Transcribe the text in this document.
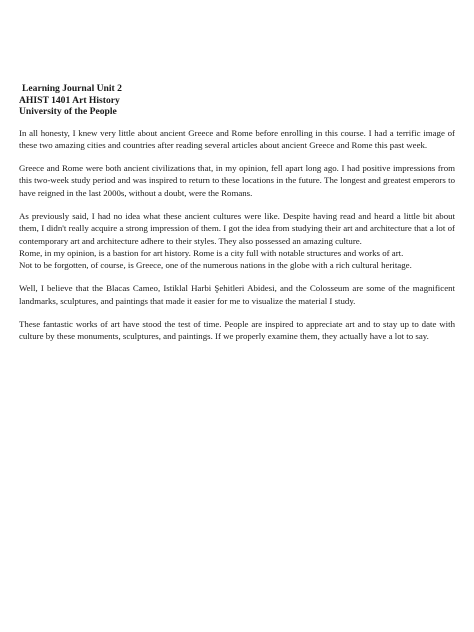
Learning Journal Unit 2

AHIST 1401 Art History

University of the People

In all honesty, I knew very little about ancient Greece and Rome before enrolling in this course. I had a terrific image of these two amazing cities and countries after reading several articles about ancient Greece and Rome this past week.

Greece and Rome were both ancient civilizations that, in my opinion, fell apart long ago. I had positive impressions from this two-week study period and was inspired to return to these locations in the future. The longest and greatest emperors to have reigned in the last 2000s, without a doubt, were the Romans.

As previously said, I had no idea what these ancient cultures were like. Despite having read and heard a little bit about them, I didn't really acquire a strong impression of them. I got the idea from studying their art and architecture that a lot of contemporary art and architecture adhere to their styles. They also possessed an amazing culture.

Rome, in my opinion, is a bastion for art history. Rome is a city full with notable structures and works of art.

Not to be forgotten, of course, is Greece, one of the numerous nations in the globe with a rich cultural heritage.

Well, I believe that the Blacas Cameo, Istiklal Harbi Şehitleri Abidesi, and the Colosseum are some of the magnificent landmarks, sculptures, and paintings that made it easier for me to visualize the material I study.

These fantastic works of art have stood the test of time. People are inspired to appreciate art and to stay up to date with culture by these monuments, sculptures, and paintings. If we properly examine them, they actually have a lot to say.
